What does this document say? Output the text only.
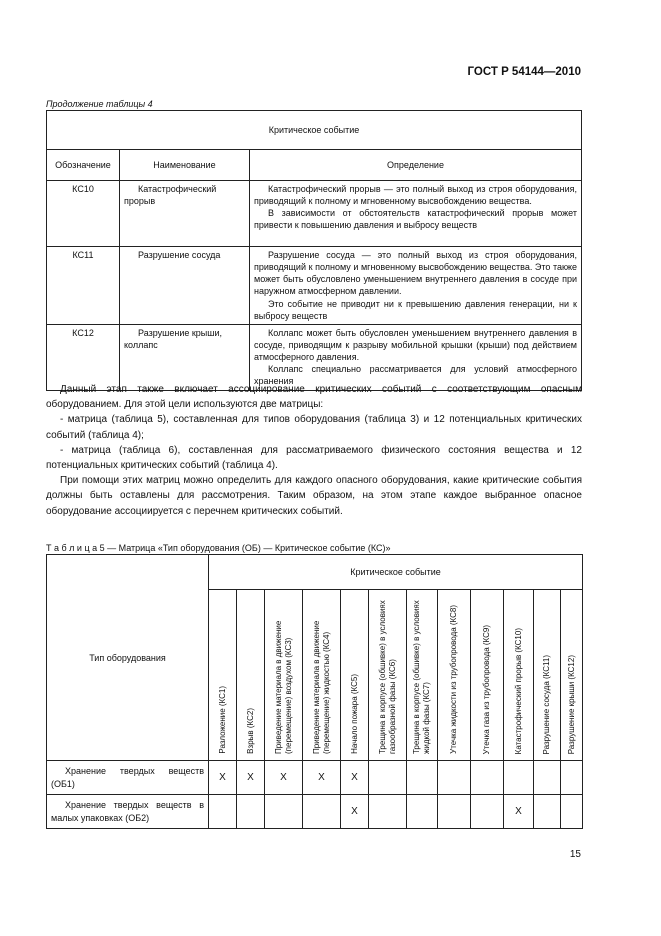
ГОСТ Р 54144—2010
Продолжение таблицы 4
Критическое событие		
Обозначение	Наименование	Определение
КС10	Катастрофический прорыв	Катастрофический прорыв — это полный выход из строя оборудования, приводящий к полному и мгновенному высвобождению вещества.

В зависимости от обстоятельств катастрофический прорыв может привести к повышению давления и выбросу веществ

КС11	Разрушение сосуда	Разрушение сосуда — это полный выход из строя оборудования, приводящий к полному и мгновенному высвобождению вещества. Это также может быть обусловлено уменьшением внутреннего давления в сосуде при наружном атмосферном давлении.

Это событие не приводит ни к превышению давления генерации, ни к выбросу веществ

КС12	Разрушение крыши, коллапс	Коллапс может быть обусловлен уменьшением внутреннего давления в сосуде, приводящим к разрыву мобильной крышки (крыши) под действием атмосферного давления.

Коллапс специально рассматривается для условий атмосферного хранения

Данный этап также включает ассоциирование критических событий с соответствующим опасным оборудованием. Для этой цели используются две матрицы:

- матрица (таблица 5), составленная для типов оборудования (таблица 3) и 12 потенциальных критических событий (таблица 4);

- матрица (таблица 6), составленная для рассматриваемого физического состояния вещества и 12 потенциальных критических событий (таблица 4).

При помощи этих матриц можно определить для каждого опасного оборудования, какие критические события должны быть оставлены для рассмотрения. Таким образом, на этом этапе каждое выбранное опасное оборудование ассоциируется с перечнем критических событий.

Т а б л и ц а 5 — Матрица «Тип оборудования (ОБ) — Критическое событие (КС)»
Тип оборудования	Критическое событие											

	Разложение (КС1)	Взрыв (КС2)	Приведение материала в движение (перемещение) воздухом (КС3)	Приведение материала в движение (перемещение) жидкостью (КС4)	Начало пожара (КС5)	Трещина в корпусе (обшивке) в условиях газообразной фазы (КС6)	Трещина в корпусе (обшивке) в условиях жидкой фазы (КС7)	Утечка жидкости из трубопровода (КС8)	Утечка газа из трубопровода (КС9)	Катастрофический прорыв (КС10)	Разрушение сосуда (КС11)	Разрушение крыши (КС12)

Хранение твердых веществ (ОБ1)	X	X	X	X	X							

Хранение твердых веществ в малых упаковках (ОБ2)					X					X		
15
